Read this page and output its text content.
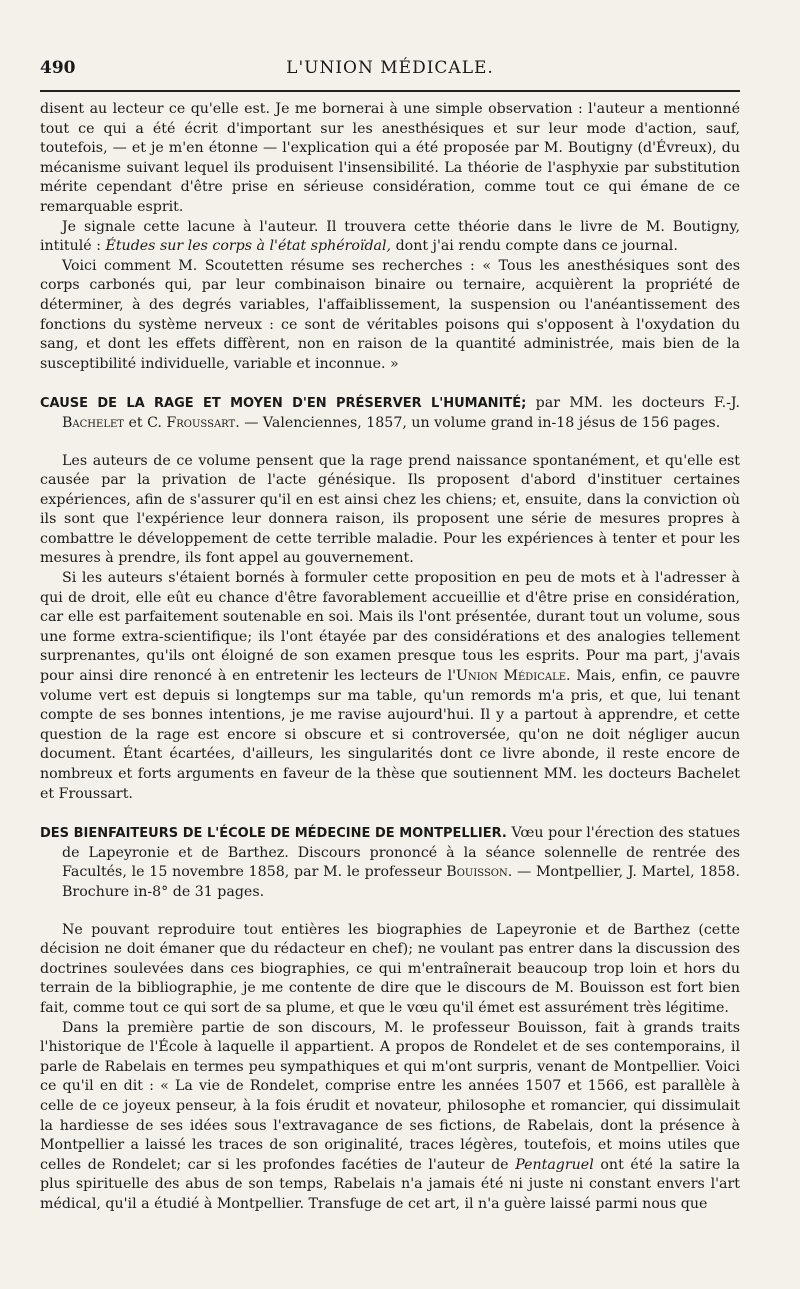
490	L'UNION MÉDICALE.

disent au lecteur ce qu'elle est. Je me bornerai à une simple observation : l'auteur a mentionné tout ce qui a été écrit d'important sur les anesthésiques et sur leur mode d'action, sauf, toutefois, — et je m'en étonne — l'explication qui a été proposée par M. Boutigny (d'Évreux), du mécanisme suivant lequel ils produisent l'insensibilité. La théorie de l'asphyxie par substitution mérite cependant d'être prise en sérieuse considération, comme tout ce qui émane de ce remarquable esprit.

Je signale cette lacune à l'auteur. Il trouvera cette théorie dans le livre de M. Boutigny, intitulé : Études sur les corps à l'état sphéroïdal, dont j'ai rendu compte dans ce journal.

Voici comment M. Scoutetten résume ses recherches : « Tous les anesthésiques sont des corps carbonés qui, par leur combinaison binaire ou ternaire, acquièrent la propriété de déterminer, à des degrés variables, l'affaiblissement, la suspension ou l'anéantissement des fonctions du système nerveux : ce sont de véritables poisons qui s'opposent à l'oxydation du sang, et dont les effets diffèrent, non en raison de la quantité administrée, mais bien de la susceptibilité individuelle, variable et inconnue. »

CAUSE DE LA RAGE ET MOYEN D'EN PRÉSERVER L'HUMANITÉ; par MM. les docteurs F.-J. Bachelet et C. Froussart. — Valenciennes, 1857, un volume grand in-18 jésus de 156 pages.

Les auteurs de ce volume pensent que la rage prend naissance spontanément, et qu'elle est causée par la privation de l'acte génésique. Ils proposent d'abord d'instituer certaines expériences, afin de s'assurer qu'il en est ainsi chez les chiens; et, ensuite, dans la conviction où ils sont que l'expérience leur donnera raison, ils proposent une série de mesures propres à combattre le développement de cette terrible maladie. Pour les expériences à tenter et pour les mesures à prendre, ils font appel au gouvernement.

Si les auteurs s'étaient bornés à formuler cette proposition en peu de mots et à l'adresser à qui de droit, elle eût eu chance d'être favorablement accueillie et d'être prise en considération, car elle est parfaitement soutenable en soi. Mais ils l'ont présentée, durant tout un volume, sous une forme extra-scientifique; ils l'ont étayée par des considérations et des analogies tellement surprenantes, qu'ils ont éloigné de son examen presque tous les esprits. Pour ma part, j'avais pour ainsi dire renoncé à en entretenir les lecteurs de l'Union Médicale. Mais, enfin, ce pauvre volume vert est depuis si longtemps sur ma table, qu'un remords m'a pris, et que, lui tenant compte de ses bonnes intentions, je me ravise aujourd'hui. Il y a partout à apprendre, et cette question de la rage est encore si obscure et si controversée, qu'on ne doit négliger aucun document. Étant écartées, d'ailleurs, les singularités dont ce livre abonde, il reste encore de nombreux et forts arguments en faveur de la thèse que soutiennent MM. les docteurs Bachelet et Froussart.

DES BIENFAITEURS DE L'ÉCOLE DE MÉDECINE DE MONTPELLIER. Vœu pour l'érection des statues de Lapeyronie et de Barthez. Discours prononcé à la séance solennelle de rentrée des Facultés, le 15 novembre 1858, par M. le professeur Bouisson. — Montpellier, J. Martel, 1858. Brochure in-8° de 31 pages.

Ne pouvant reproduire tout entières les biographies de Lapeyronie et de Barthez (cette décision ne doit émaner que du rédacteur en chef); ne voulant pas entrer dans la discussion des doctrines soulevées dans ces biographies, ce qui m'entraînerait beaucoup trop loin et hors du terrain de la bibliographie, je me contente de dire que le discours de M. Bouisson est fort bien fait, comme tout ce qui sort de sa plume, et que le vœu qu'il émet est assurément très légitime.

Dans la première partie de son discours, M. le professeur Bouisson, fait à grands traits l'historique de l'École à laquelle il appartient. A propos de Rondelet et de ses contemporains, il parle de Rabelais en termes peu sympathiques et qui m'ont surpris, venant de Montpellier. Voici ce qu'il en dit : « La vie de Rondelet, comprise entre les années 1507 et 1566, est parallèle à celle de ce joyeux penseur, à la fois érudit et novateur, philosophe et romancier, qui dissimulait la hardiesse de ses idées sous l'extravagance de ses fictions, de Rabelais, dont la présence à Montpellier a laissé les traces de son originalité, traces légères, toutefois, et moins utiles que celles de Rondelet; car si les profondes facéties de l'auteur de Pentagruel ont été la satire la plus spirituelle des abus de son temps, Rabelais n'a jamais été ni juste ni constant envers l'art médical, qu'il a étudié à Montpellier. Transfuge de cet art, il n'a guère laissé parmi nous que
